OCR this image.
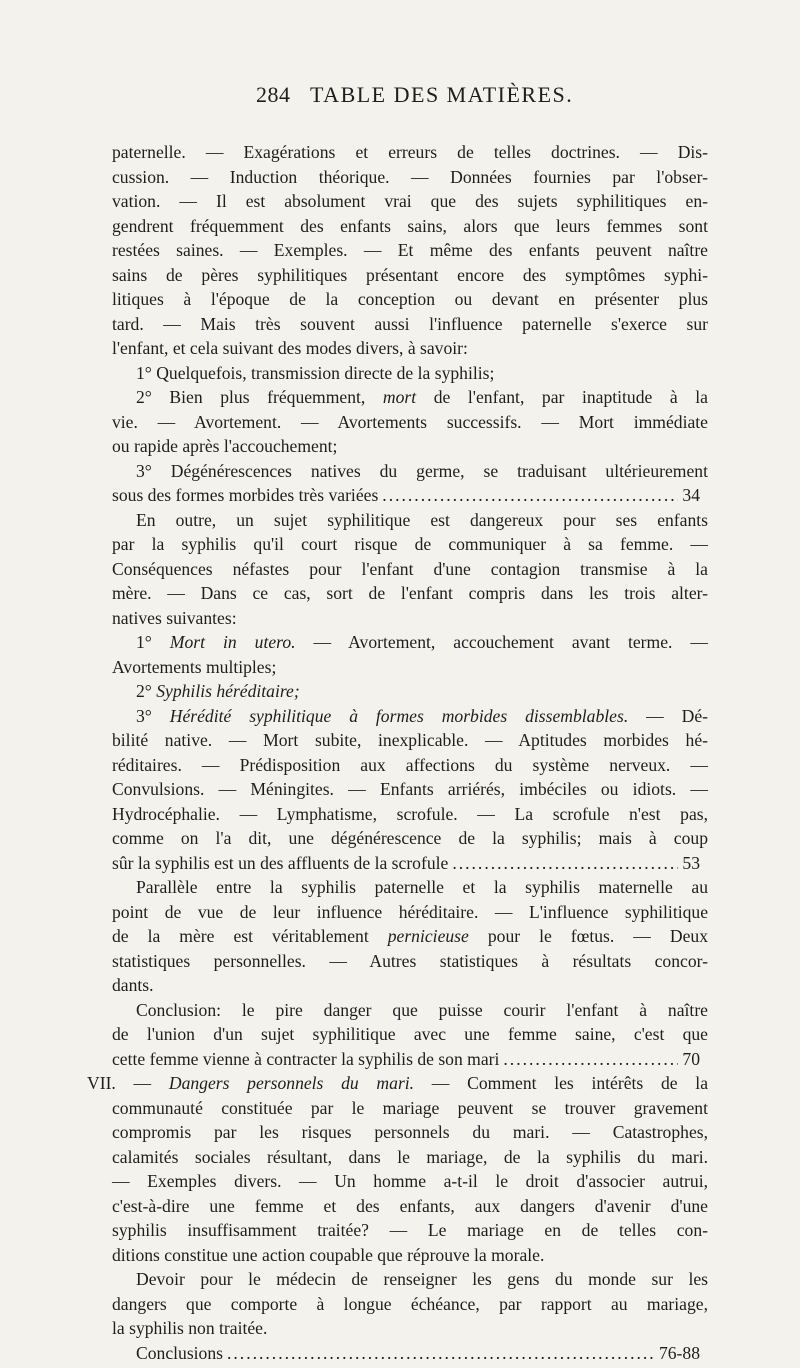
284 TABLE DES MATIÈRES.
paternelle. — Exagérations et erreurs de telles doctrines. — Dis-
cussion. — Induction théorique. — Données fournies par l'obser-
vation. — Il est absolument vrai que des sujets syphilitiques en-
gendrent fréquemment des enfants sains, alors que leurs femmes sont
restées saines. — Exemples. — Et même des enfants peuvent naître
sains de pères syphilitiques présentant encore des symptômes syphi-
litiques à l'époque de la conception ou devant en présenter plus
tard. — Mais très souvent aussi l'influence paternelle s'exerce sur
l'enfant, et cela suivant des modes divers, à savoir:
1° Quelquefois, transmission directe de la syphilis;
2° Bien plus fréquemment, mort de l'enfant, par inaptitude à la
vie. — Avortement. — Avortements successifs. — Mort immédiate
ou rapide après l'accouchement;
3° Dégénérescences natives du germe, se traduisant ultérieurement
sous des formes morbides très variées .....	34
En outre, un sujet syphilitique est dangereux pour ses enfants
par la syphilis qu'il court risque de communiquer à sa femme. —
Conséquences néfastes pour l'enfant d'une contagion transmise à la
mère. — Dans ce cas, sort de l'enfant compris dans les trois alter-
natives suivantes:
1° Mort in utero. — Avortement, accouchement avant terme. —
Avortements multiples;
2° Syphilis héréditaire;
3° Hérédité syphilitique à formes morbides dissemblables. — Dé-
bilité native. — Mort subite, inexplicable. — Aptitudes morbides hé-
réditaires. — Prédisposition aux affections du système nerveux. —
Convulsions. — Méningites. — Enfants arriérés, imbéciles ou idiots. —
Hydrocéphalie. — Lymphatisme, scrofule. — La scrofule n'est pas,
comme on l'a dit, une dégénérescence de la syphilis; mais à coup
sûr la syphilis est un des affluents de la scrofule .....	53
Parallèle entre la syphilis paternelle et la syphilis maternelle au
point de vue de leur influence héréditaire. — L'influence syphilitique
de la mère est véritablement pernicieuse pour le fœtus. — Deux
statistiques personnelles. — Autres statistiques à résultats concor-
dants.
Conclusion: le pire danger que puisse courir l'enfant à naître
de l'union d'un sujet syphilitique avec une femme saine, c'est que
cette femme vienne à contracter la syphilis de son mari .....	70
VII. — Dangers personnels du mari. — Comment les intérêts de la
communauté constituée par le mariage peuvent se trouver gravement
compromis par les risques personnels du mari. — Catastrophes,
calamités sociales résultant, dans le mariage, de la syphilis du mari.
— Exemples divers. — Un homme a-t-il le droit d'associer autrui,
c'est-à-dire une femme et des enfants, aux dangers d'avenir d'une
syphilis insuffisamment traitée? — Le mariage en de telles con-
ditions constitue une action coupable que réprouve la morale.
Devoir pour le médecin de renseigner les gens du monde sur les
dangers que comporte à longue échéance, par rapport au mariage,
la syphilis non traitée.
Conclusions .....	76-88
